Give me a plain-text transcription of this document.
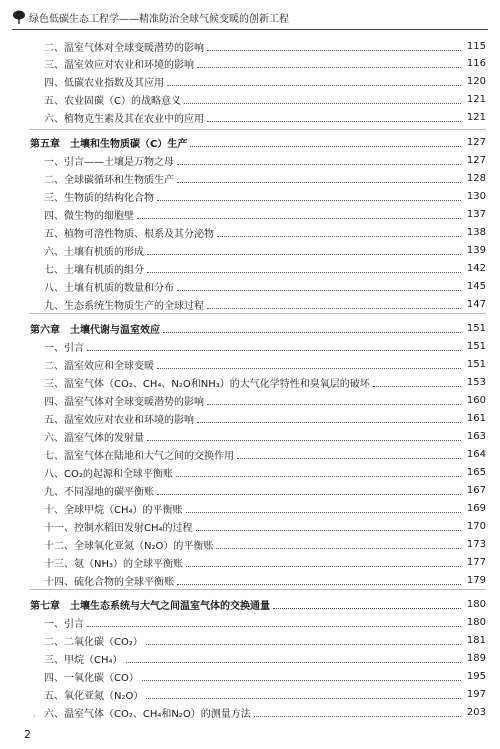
绿色低碳生态工程学——精准防治全球气候变暖的创新工程
二、温室气体对全球变暖潜势的影响	115
三、温室效应对农业和环境的影响	116
四、低碳农业指数及其应用	120
五、农业固碳（C）的战略意义	121
六、植物克生素及其在农业中的应用	121
第五章　土壤和生物质碳（C）生产	127
一、引言——土壤是万物之母	127
二、全球碳循环和生物质生产	128
三、生物质的结构化合物	130
四、微生物的细胞壁	137
五、植物可溶性物质、根系及其分泌物	138
六、土壤有机质的形成	139
七、土壤有机质的组分	142
八、土壤有机质的数量和分布	145
九、生态系统生物质生产的全球过程	147
第六章　土壤代谢与温室效应	151
一、引言	151
二、温室效应和全球变暖	151
三、温室气体（CO₂、CH₄、N₂O和NH₃）的大气化学特性和臭氧层的破坏	153
四、温室气体对全球变暖潜势的影响	160
五、温室效应对农业和环境的影响	161
六、温室气体的发射量	163
七、温室气体在陆地和大气之间的交换作用	164
八、CO₂的起源和全球平衡账	165
九、不同湿地的碳平衡账	167
十、全球甲烷（CH₄）的平衡账	169
十一、控制水稻田发射CH₄的过程	170
十二、全球氧化亚氮（N₂O）的平衡账	173
十三、氨（NH₃）的全球平衡账	177
十四、硫化合物的全球平衡账	179
第七章　土壤生态系统与大气之间温室气体的交换通量	180
一、引言	180
二、二氧化碳（CO₂）	181
三、甲烷（CH₄）	189
四、一氧化碳（CO）	195
五、氧化亚氮（N₂O）	197
六、温室气体（CO₂、CH₄和N₂O）的测量方法	203
·
2
